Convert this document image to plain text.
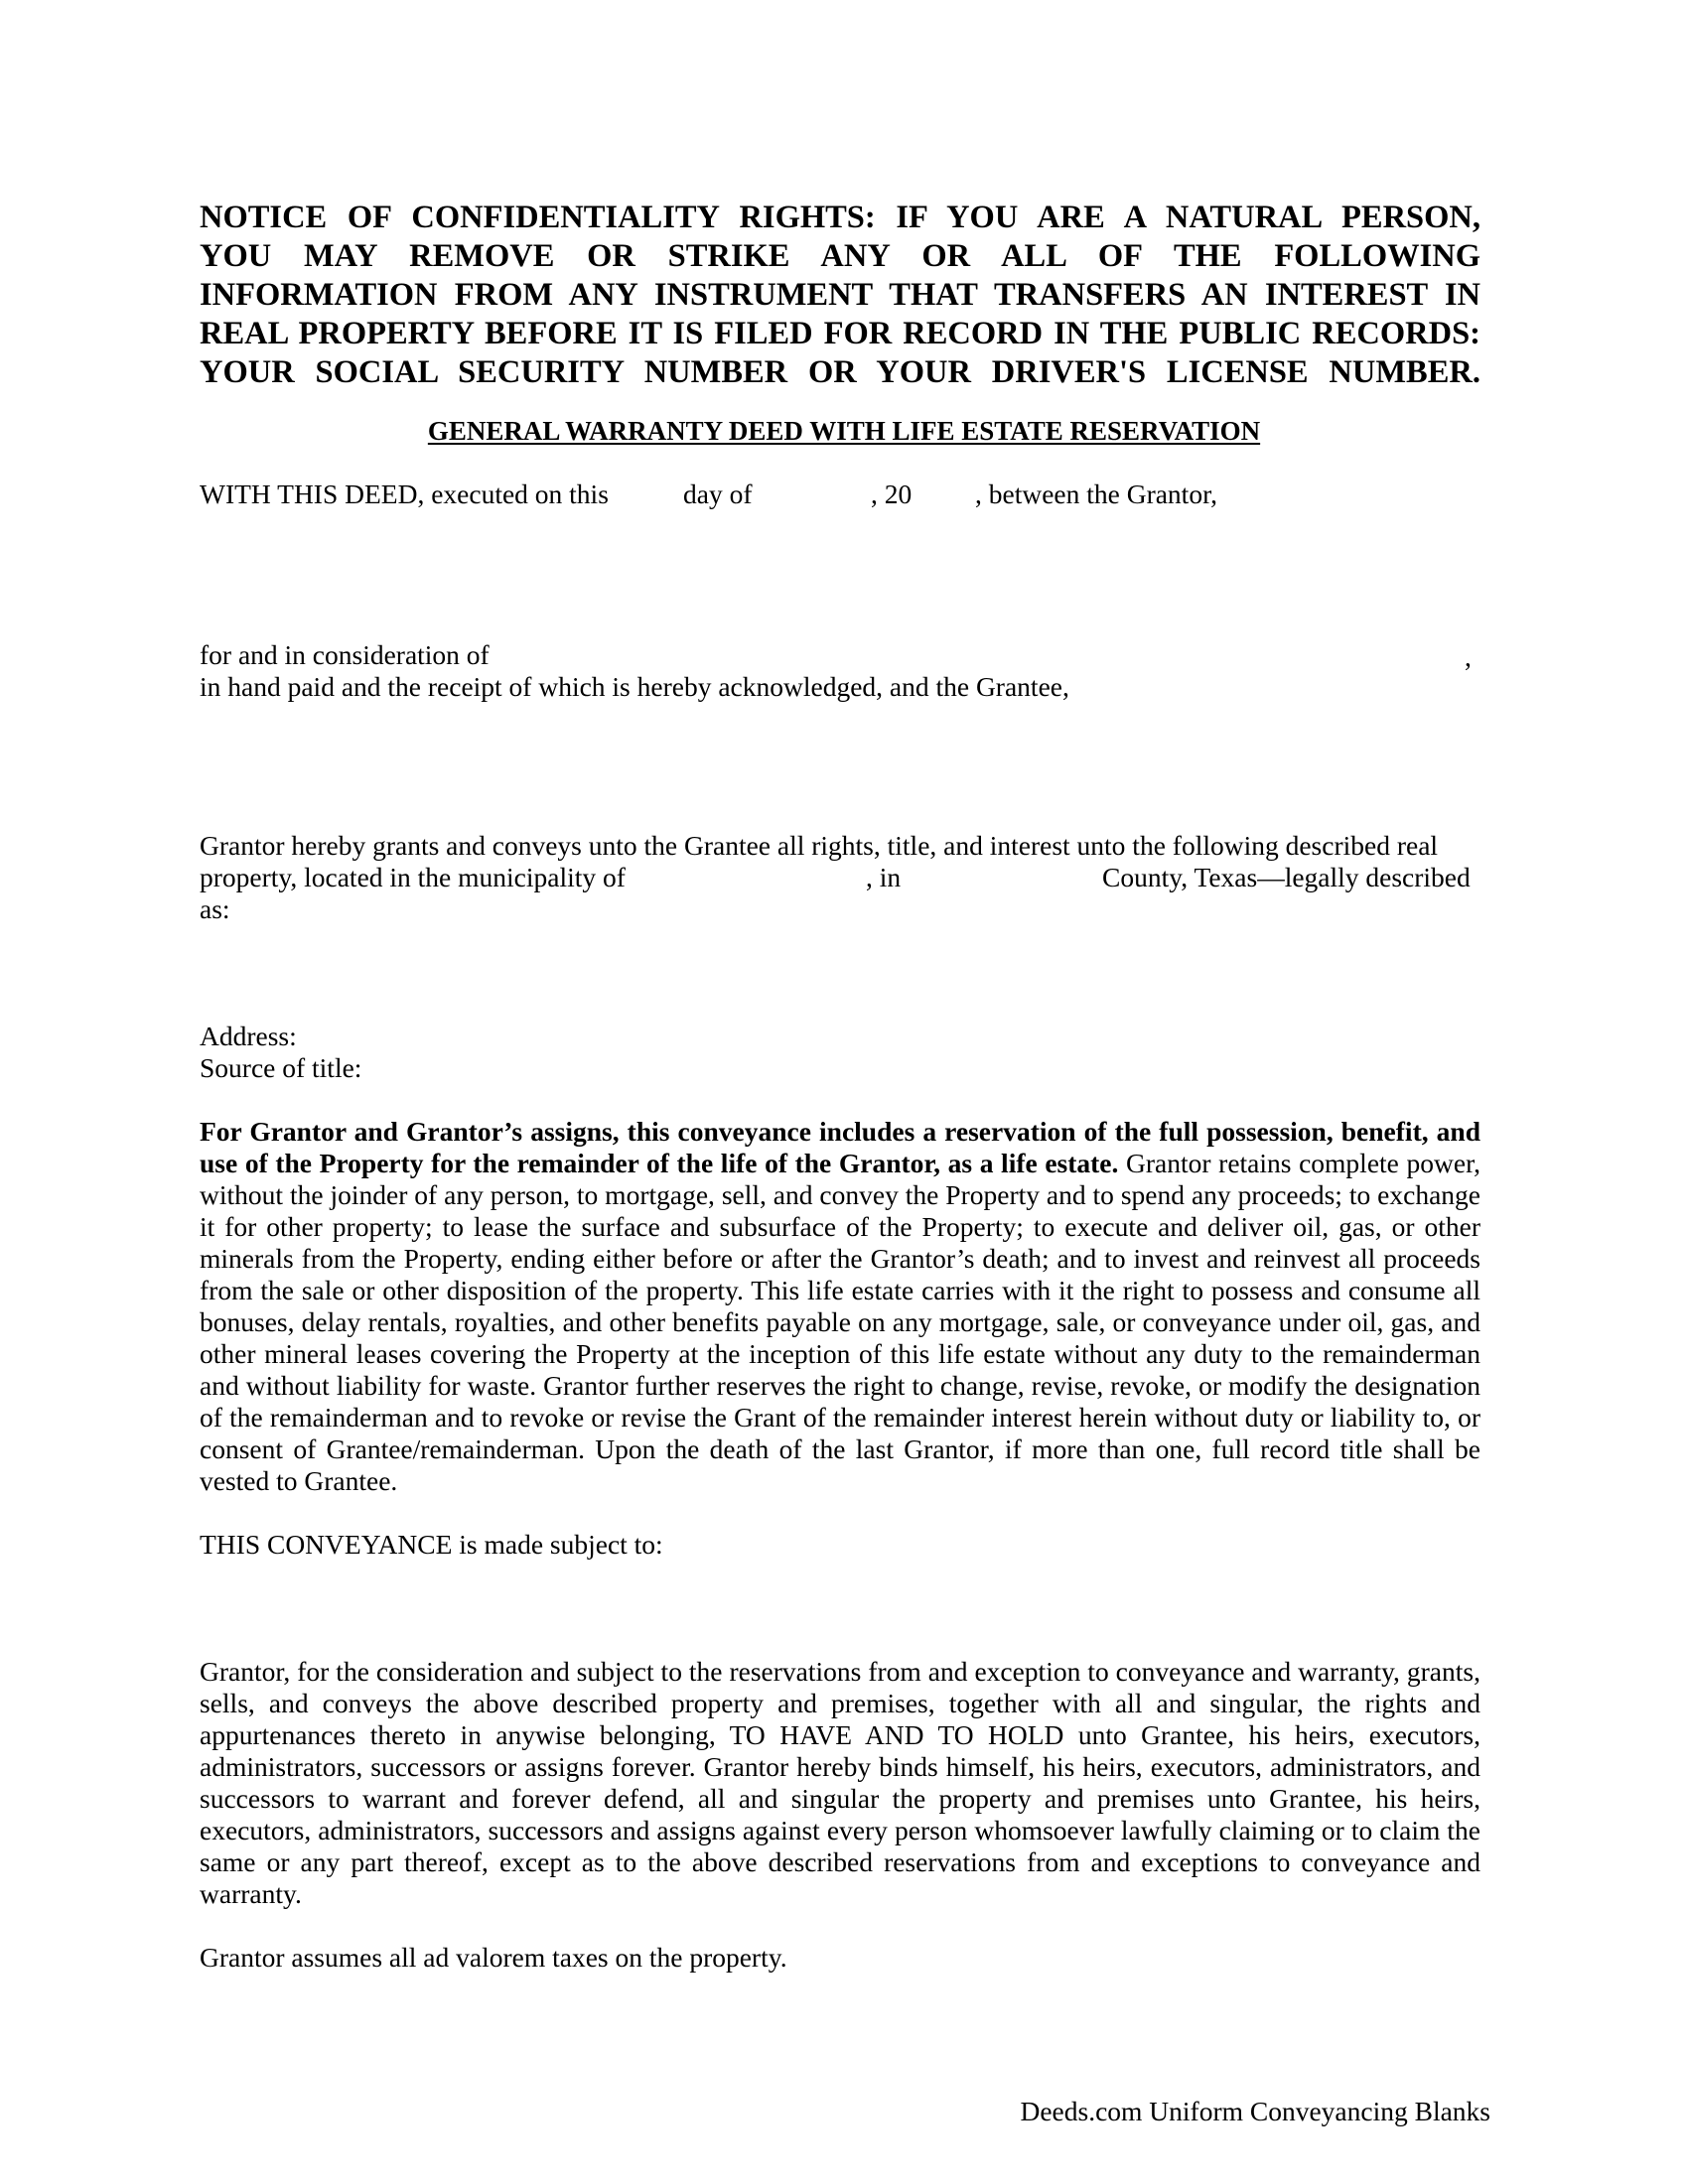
NOTICE OF CONFIDENTIALITY RIGHTS: IF YOU ARE A NATURAL PERSON,
YOU MAY REMOVE OR STRIKE ANY OR ALL OF THE FOLLOWING
INFORMATION FROM ANY INSTRUMENT THAT TRANSFERS AN INTEREST IN
REAL PROPERTY BEFORE IT IS FILED FOR RECORD IN THE PUBLIC RECORDS:
YOUR SOCIAL SECURITY NUMBER OR YOUR DRIVER'S LICENSE NUMBER.
GENERAL WARRANTY DEED WITH LIFE ESTATE RESERVATION
WITH THIS DEED, executed on this	day of	, 20 , between the Grantor,
for and in consideration of	,
in hand paid and the receipt of which is hereby acknowledged, and the Grantee,
Grantor hereby grants and conveys unto the Grantee all rights, title, and interest unto the following described real
property, located in the municipality of	, in	County, Texas—legally described
as:
Address:
Source of title:
For Grantor and Grantor’s assigns, this conveyance includes a reservation of the full possession, benefit, and use of the Property for the remainder of the life of the Grantor, as a life estate. Grantor retains complete power, without the joinder of any person, to mortgage, sell, and convey the Property and to spend any proceeds; to exchange it for other property; to lease the surface and subsurface of the Property; to execute and deliver oil, gas, or other minerals from the Property, ending either before or after the Grantor’s death; and to invest and reinvest all proceeds from the sale or other disposition of the property. This life estate carries with it the right to possess and consume all bonuses, delay rentals, royalties, and other benefits payable on any mortgage, sale, or conveyance under oil, gas, and other mineral leases covering the Property at the inception of this life estate without any duty to the remainderman and without liability for waste. Grantor further reserves the right to change, revise, revoke, or modify the designation of the remainderman and to revoke or revise the Grant of the remainder interest herein without duty or liability to, or consent of Grantee/remainderman. Upon the death of the last Grantor, if more than one, full record title shall be vested to Grantee.
THIS CONVEYANCE is made subject to:
Grantor, for the consideration and subject to the reservations from and exception to conveyance and warranty, grants, sells, and conveys the above described property and premises, together with all and singular, the rights and appurtenances thereto in anywise belonging, TO HAVE AND TO HOLD unto Grantee, his heirs, executors, administrators, successors or assigns forever. Grantor hereby binds himself, his heirs, executors, administrators, and successors to warrant and forever defend, all and singular the property and premises unto Grantee, his heirs, executors, administrators, successors and assigns against every person whomsoever lawfully claiming or to claim the same or any part thereof, except as to the above described reservations from and exceptions to conveyance and warranty.
Grantor assumes all ad valorem taxes on the property.
Deeds.com Uniform Conveyancing Blanks
